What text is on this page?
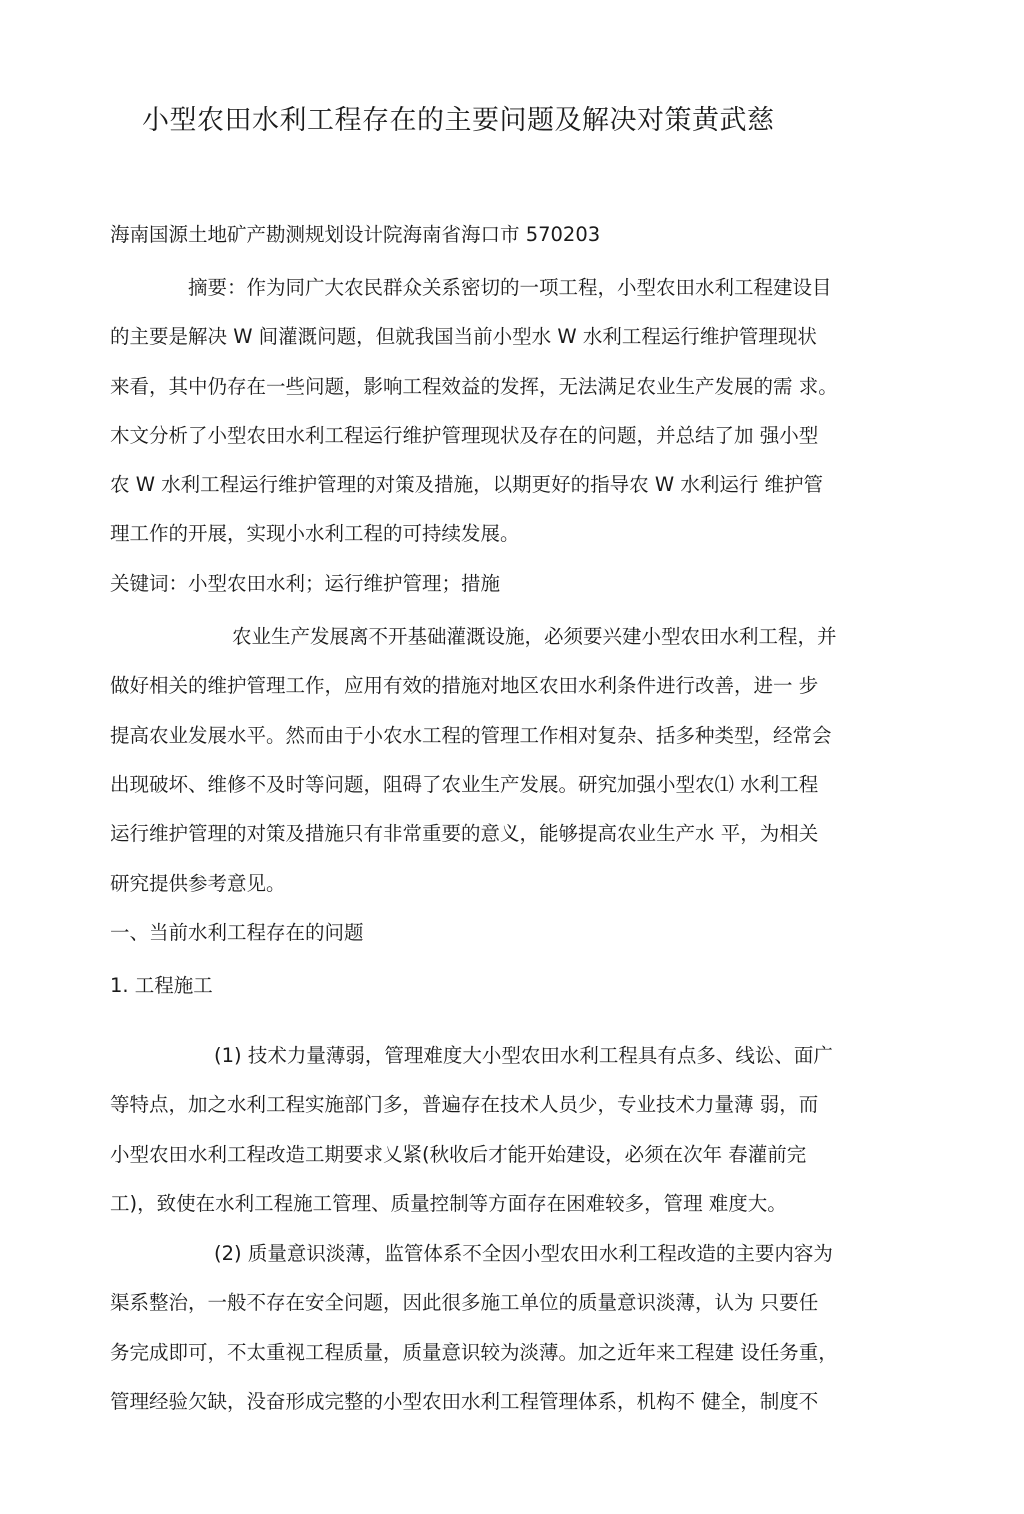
小型农田水利工程存在的主要问题及解决对策黄武慈

海南国源土地矿产勘测规划设计院海南省海口市 570203

摘要：作为同广大农民群众关系密切的一项工程，小型农田水利工程建设目

的主要是解决 W 间灌溉问题，但就我国当前小型水 W 水利工程运行维护管理现状

来看，其中仍存在一些问题，影响工程效益的发挥，无法满足农业生产发展的需 求。

木文分析了小型农田水利工程运行维护管理现状及存在的问题，并总结了加 强小型

农 W 水利工程运行维护管理的对策及措施，以期更好的指导农 W 水利运行 维护管

理工作的开展，实现小水利工程的可持续发展。

关键词：小型农田水利；运行维护管理；措施

农业生产发展离不开基础灌溉设施，必须要兴建小型农田水利工程，并

做好相关的维护管理工作，应用有效的措施对地区农田水利条件进行改善，进一 步

提高农业发展水平。然而由于小农水工程的管理工作相对复杂、括多种类型，经常会

出现破坏、维修不及时等问题，阻碍了农业生产发展。研究加强小型农⑴ 水利工程

运行维护管理的对策及措施只有非常重要的意义，能够提高农业生产水 平，为相关

研究提供参考意见。

一、当前水利工程存在的问题

1. 工程施工

(1) 技术力量薄弱，管理难度大小型农田水利工程具有点多、线讼、面广

等特点，加之水利工程实施部门多，普遍存在技术人员少，专业技术力量薄 弱，而

小型农田水利工程改造工期要求乂紧(秋收后才能开始建设，必须在次年 春灌前完

工)，致使在水利工程施工管理、质量控制等方面存在困难较多，管理 难度大。

(2) 质量意识淡薄，监管体系不全因小型农田水利工程改造的主要内容为

渠系整治，一般不存在安全问题，因此很多施工单位的质量意识淡薄，认为 只要任

务完成即可，不太重视工程质量，质量意识较为淡薄。加之近年来工程建 设任务重，

管理经验欠缺，没奋形成完整的小型农田水利工程管理体系，机构不 健全，制度不
